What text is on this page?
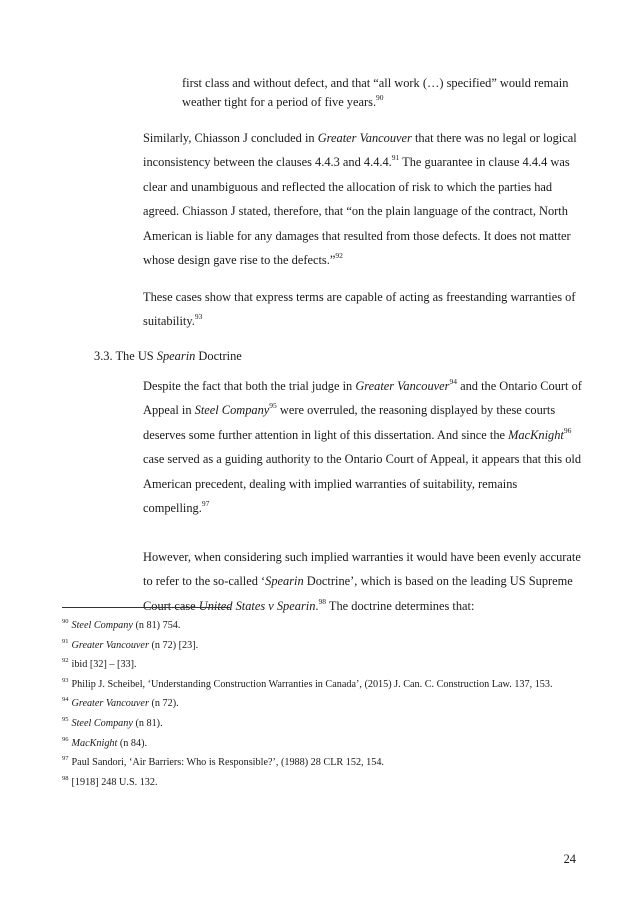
first class and without defect, and that “all work (…) specified” would remain weather tight for a period of five years.$^{90}$
Similarly, Chiasson J concluded in Greater Vancouver that there was no legal or logical inconsistency between the clauses 4.4.3 and 4.4.4.91 The guarantee in clause 4.4.4 was clear and unambiguous and reflected the allocation of risk to which the parties had agreed. Chiasson J stated, therefore, that “on the plain language of the contract, North American is liable for any damages that resulted from those defects. It does not matter whose design gave rise to the defects.”$^{92}$
These cases show that express terms are capable of acting as freestanding warranties of suitability.$^{93}$
3.3. The US Spearin Doctrine
Despite the fact that both the trial judge in Greater Vancouver$^{94}$ and the Ontario Court of Appeal in Steel Company$^{95}$ were overruled, the reasoning displayed by these courts deserves some further attention in light of this dissertation. And since the MacKnight$^{96}$ case served as a guiding authority to the Ontario Court of Appeal, it appears that this old American precedent, dealing with implied warranties of suitability, remains compelling.$^{97}$
However, when considering such implied warranties it would have been evenly accurate to refer to the so-called ‘Spearin Doctrine’, which is based on the leading US Supreme Court case United States v Spearin.$^{98}$ The doctrine determines that:

$^{90}$ Steel Company (n 81) 754.

$^{91}$ Greater Vancouver (n 72) [23].

$^{92}$ ibid [32] – [33].

$^{93}$ Philip J. Scheibel, ‘Understanding Construction Warranties in Canada’, (2015) J. Can. C. Construction Law. 137, 153.

$^{94}$ Greater Vancouver (n 72).

$^{95}$ Steel Company (n 81).

$^{96}$ MacKnight (n 84).

$^{97}$ Paul Sandori, ‘Air Barriers: Who is Responsible?’, (1988) 28 CLR 152, 154.

$^{98}$ [1918] 248 U.S. 132.

24
